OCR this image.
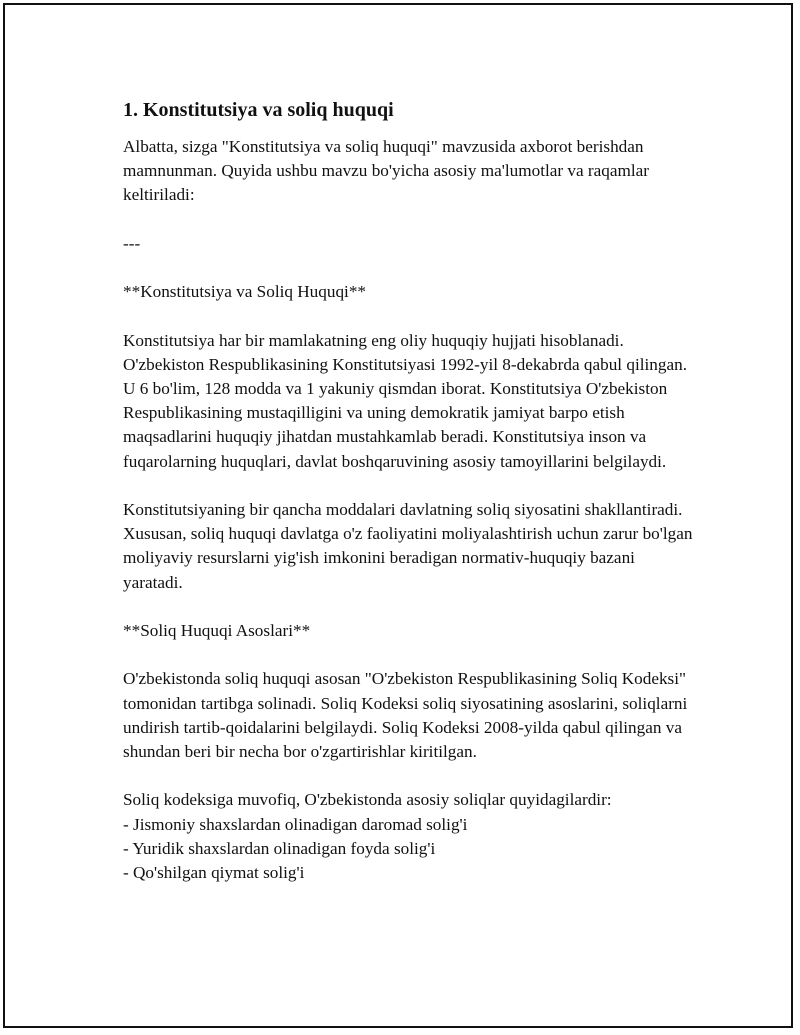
1. Konstitutsiya va soliq huquqi

Albatta, sizga "Konstitutsiya va soliq huquqi" mavzusida axborot berishdan mamnunman. Quyida ushbu mavzu bo'yicha asosiy ma'lumotlar va raqamlar keltiriladi:

---

**Konstitutsiya va Soliq Huquqi**

Konstitutsiya har bir mamlakatning eng oliy huquqiy hujjati hisoblanadi. O'zbekiston Respublikasining Konstitutsiyasi 1992-yil 8-dekabrda qabul qilingan. U 6 bo'lim, 128 modda va 1 yakuniy qismdan iborat. Konstitutsiya O'zbekiston Respublikasining mustaqilligini va uning demokratik jamiyat barpo etish maqsadlarini huquqiy jihatdan mustahkamlab beradi. Konstitutsiya inson va fuqarolarning huquqlari, davlat boshqaruvining asosiy tamoyillarini belgilaydi.

Konstitutsiyaning bir qancha moddalari davlatning soliq siyosatini shakllantiradi. Xususan, soliq huquqi davlatga o'z faoliyatini moliyalashtirish uchun zarur bo'lgan moliyaviy resurslarni yig'ish imkonini beradigan normativ-huquqiy bazani yaratadi.

**Soliq Huquqi Asoslari**

O'zbekistonda soliq huquqi asosan "O'zbekiston Respublikasining Soliq Kodeksi" tomonidan tartibga solinadi. Soliq Kodeksi soliq siyosatining asoslarini, soliqlarni undirish tartib-qoidalarini belgilaydi. Soliq Kodeksi 2008-yilda qabul qilingan va shundan beri bir necha bor o'zgartirishlar kiritilgan.

Soliq kodeksiga muvofiq, O'zbekistonda asosiy soliqlar quyidagilardir:

- Jismoniy shaxslardan olinadigan daromad solig'i

- Yuridik shaxslardan olinadigan foyda solig'i

- Qo'shilgan qiymat solig'i
